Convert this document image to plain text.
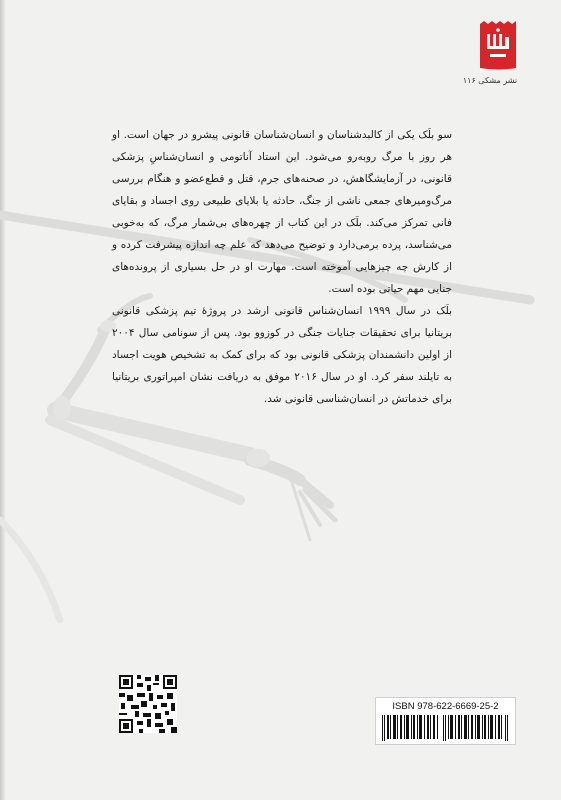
نشر مشکی ۱۱۶

سو بلَک یکی از کالبدشناسان و انسان‌شناسان قانونی پیشرو در جهان است. او هر روز با مرگ روبه‌رو می‌شود. این استاد آناتومی و انسان‌شناسِ پزشکی قانونی، در آزمایشگاهش، در صحنه‌های جرم، قتل و قطع‌عضو و هنگام بررسی مرگ‌ومیرهای جمعی ناشی از جنگ، حادثه یا بلایای طبیعی روی اجساد و بقایای فانی تمرکز می‌کند. بلَک در این کتاب از چهره‌های بی‌شمار مرگ، که به‌خوبی می‌شناسد، پرده برمی‌دارد و توضیح می‌دهد که علم چه اندازه پیشرفت کرده و از کارش چه چیزهایی آموخته است. مهارت او در حل بسیاری از پرونده‌های جنایی مهم حیاتی بوده است.

بلَک در سال ۱۹۹۹ انسان‌شناس قانونی ارشد در پروژهٔ تیم پزشکی قانونی بریتانیا برای تحقیقات جنایات جنگی در کوزوو بود. پس از سونامی سال ۲۰۰۴ از اولین دانشمندان پزشکی قانونی بود که برای کمک به تشخیص هویت اجساد به تایلند سفر کرد. او در سال ۲۰۱۶ موفق به دریافت نشان امپراتوری بریتانیا برای خدماتش در انسان‌شناسی قانونی شد.

ISBN 978-622-6669-25-2
